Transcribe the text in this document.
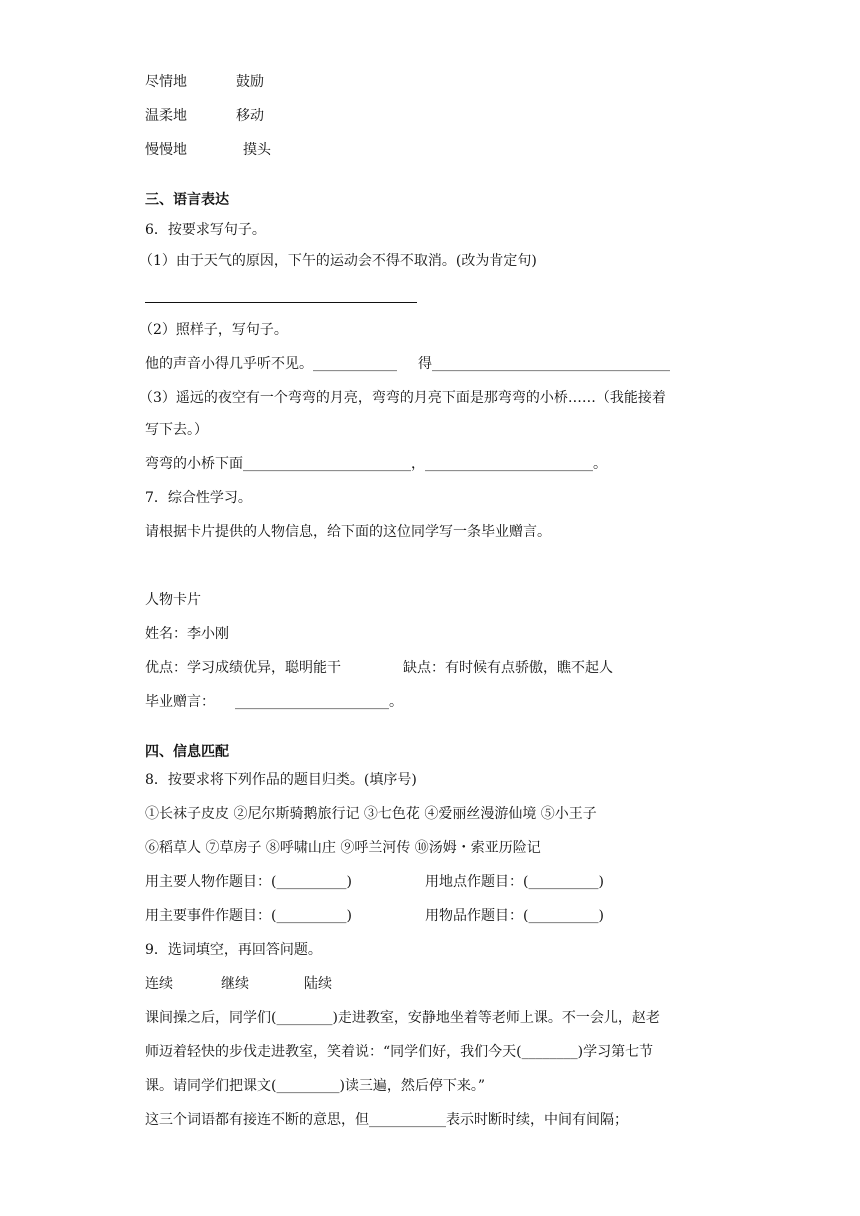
尽情地	鼓励
温柔地	移动
慢慢地	摸头
三、语言表达
6．按要求写句子。
（1）由于天气的原因，下午的运动会不得不取消。(改为肯定句)
（2）照样子，写句子。
他的声音小得几乎听不见。____________ 得__________________________________
（3）遥远的夜空有一个弯弯的月亮，弯弯的月亮下面是那弯弯的小桥……（我能接着
写下去。）
弯弯的小桥下面________________________，________________________。
7．综合性学习。
请根据卡片提供的人物信息，给下面的这位同学写一条毕业赠言。
人物卡片
姓名：李小刚
优点：学习成绩优异，聪明能干	缺点：有时候有点骄傲，瞧不起人
毕业赠言： ______________________。
四、信息匹配
8．按要求将下列作品的题目归类。(填序号)
①长袜子皮皮 ②尼尔斯骑鹅旅行记 ③七色花 ④爱丽丝漫游仙境 ⑤小王子
⑥稻草人 ⑦草房子 ⑧呼啸山庄 ⑨呼兰河传 ⑩汤姆・索亚历险记
用主要人物作题目：(__________)	用地点作题目：(__________)
用主要事件作题目：(__________)	用物品作题目：(__________)
9．选词填空，再回答问题。
连续	继续	陆续
课间操之后，同学们(________)走进教室，安静地坐着等老师上课。不一会儿，赵老
师迈着轻快的步伐走进教室，笑着说：“同学们好，我们今天(________)学习第七节
课。请同学们把课文(_________)读三遍，然后停下来。”
这三个词语都有接连不断的意思，但___________表示时断时续，中间有间隔；
